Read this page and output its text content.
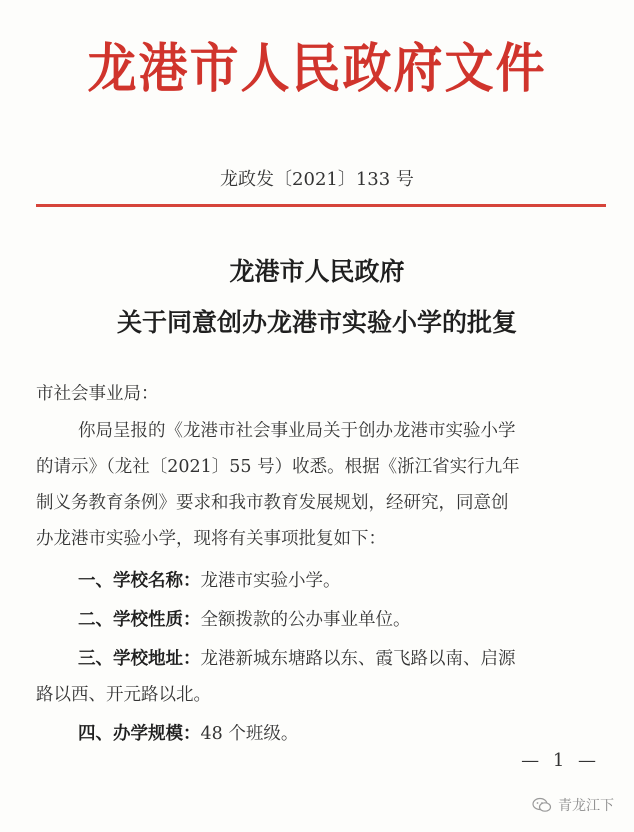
龙港市人民政府文件
龙政发〔2021〕133 号
龙港市人民政府
关于同意创办龙港市实验小学的批复
市社会事业局：
你局呈报的《龙港市社会事业局关于创办龙港市实验小学
的请示》（龙社〔2021〕55 号）收悉。根据《浙江省实行九年
制义务教育条例》要求和我市教育发展规划，经研究，同意创
办龙港市实验小学，现将有关事项批复如下：
一、学校名称：龙港市实验小学。
二、学校性质：全额拨款的公办事业单位。
三、学校地址：龙港新城东塘路以东、霞飞路以南、启源
路以西、开元路以北。
四、办学规模：48 个班级。
— 1 —
青龙江下
